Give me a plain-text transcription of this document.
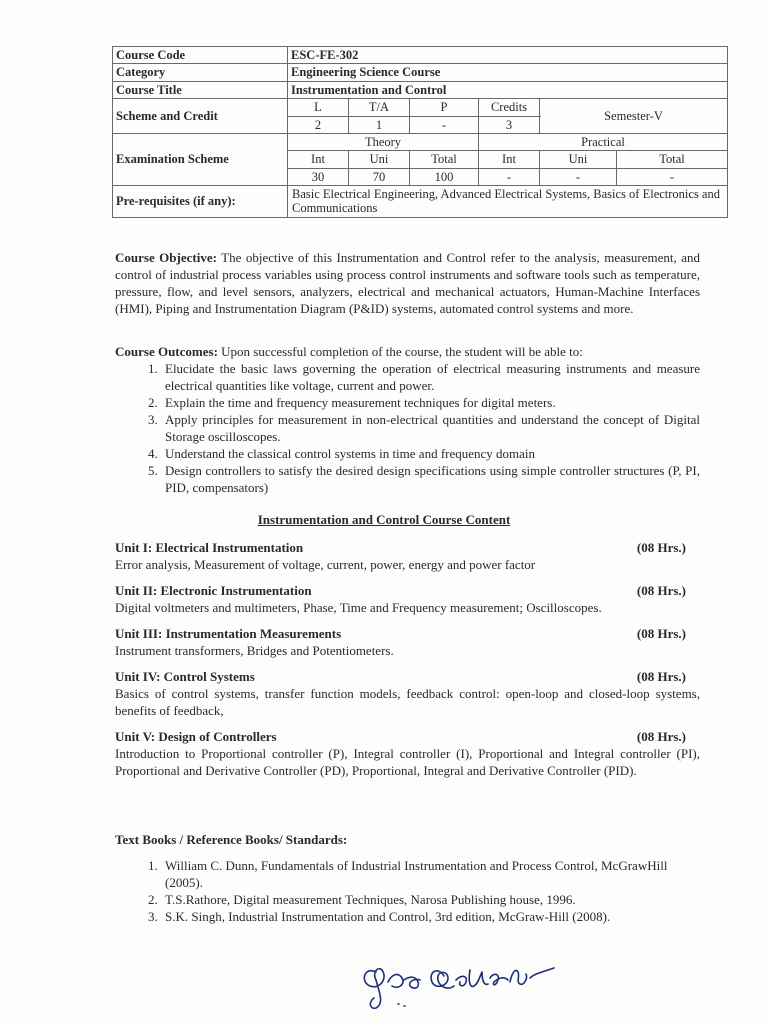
Course Code	ESC-FE-302					
Category	Engineering Science Course					
Course Title	Instrumentation and Control					
Scheme and Credit	L	T/A	P	Credits	Semester-V	
	2	1	-	3		
Examination Scheme	Theory			Practical		
	Int	Uni	Total	Int	Uni	Total
	30	70	100	-	-	-
Pre-requisites (if any):	Basic Electrical Engineering, Advanced Electrical Systems, Basics of Electronics and Communications					
Course Objective: The objective of this Instrumentation and Control refer to the analysis, measurement, and control of industrial process variables using process control instruments and software tools such as temperature, pressure, flow, and level sensors, analyzers, electrical and mechanical actuators, Human-Machine Interfaces (HMI), Piping and Instrumentation Diagram (P&ID) systems, automated control systems and more.
Course Outcomes: Upon successful completion of the course, the student will be able to:
1. Elucidate the basic laws governing the operation of electrical measuring instruments and measure electrical quantities like voltage, current and power.
2. Explain the time and frequency measurement techniques for digital meters.
3. Apply principles for measurement in non-electrical quantities and understand the concept of Digital Storage oscilloscopes.
4. Understand the classical control systems in time and frequency domain
5. Design controllers to satisfy the desired design specifications using simple controller structures (P, PI, PID, compensators)
Instrumentation and Control Course Content
Unit I: Electrical Instrumentation	(08 Hrs.)
Error analysis, Measurement of voltage, current, power, energy and power factor
Unit II: Electronic Instrumentation	(08 Hrs.)
Digital voltmeters and multimeters, Phase, Time and Frequency measurement; Oscilloscopes.
Unit III: Instrumentation Measurements	(08 Hrs.)
Instrument transformers, Bridges and Potentiometers.
Unit IV: Control Systems	(08 Hrs.)
Basics of control systems, transfer function models, feedback control: open-loop and closed-loop systems, benefits of feedback,
Unit V: Design of Controllers	(08 Hrs.)
Introduction to Proportional controller (P), Integral controller (I), Proportional and Integral controller (PI), Proportional and Derivative Controller (PD), Proportional, Integral and Derivative Controller (PID).
Text Books / Reference Books/ Standards:
1. William C. Dunn, Fundamentals of Industrial Instrumentation and Process Control, McGrawHill (2005).
2. T.S.Rathore, Digital measurement Techniques, Narosa Publishing house, 1996.
3. S.K. Singh, Industrial Instrumentation and Control, 3rd edition, McGraw-Hill (2008).
